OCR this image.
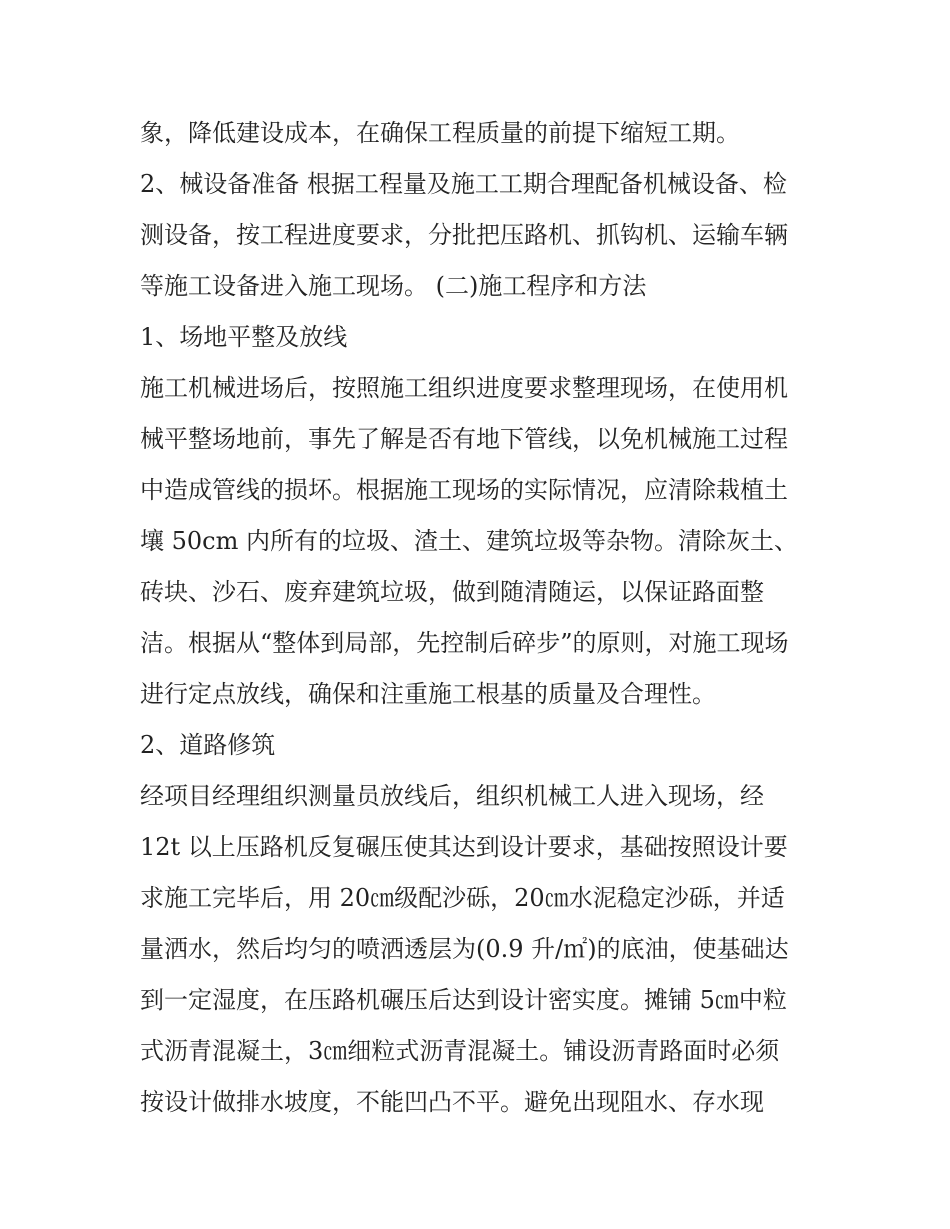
象，降低建设成本，在确保工程质量的前提下缩短工期。
2、械设备准备 根据工程量及施工工期合理配备机械设备、检
测设备，按工程进度要求，分批把压路机、抓钩机、运输车辆
等施工设备进入施工现场。 (二)施工程序和方法
1、场地平整及放线
施工机械进场后，按照施工组织进度要求整理现场，在使用机
械平整场地前，事先了解是否有地下管线，以免机械施工过程
中造成管线的损坏。根据施工现场的实际情况，应清除栽植土
壤 50cm 内所有的垃圾、渣土、建筑垃圾等杂物。清除灰土、
砖块、沙石、废弃建筑垃圾，做到随清随运，以保证路面整
洁。根据从“整体到局部，先控制后碎步”的原则，对施工现场
进行定点放线，确保和注重施工根基的质量及合理性。
2、道路修筑
经项目经理组织测量员放线后，组织机械工人进入现场，经
12t 以上压路机反复碾压使其达到设计要求，基础按照设计要
求施工完毕后，用 20㎝级配沙砾，20㎝水泥稳定沙砾，并适
量洒水，然后均匀的喷洒透层为(0.9 升/㎡)的底油，使基础达
到一定湿度，在压路机碾压后达到设计密实度。摊铺 5㎝中粒
式沥青混凝土，3㎝细粒式沥青混凝土。铺设沥青路面时必须
按设计做排水坡度，不能凹凸不平。避免出现阻水、存水现
